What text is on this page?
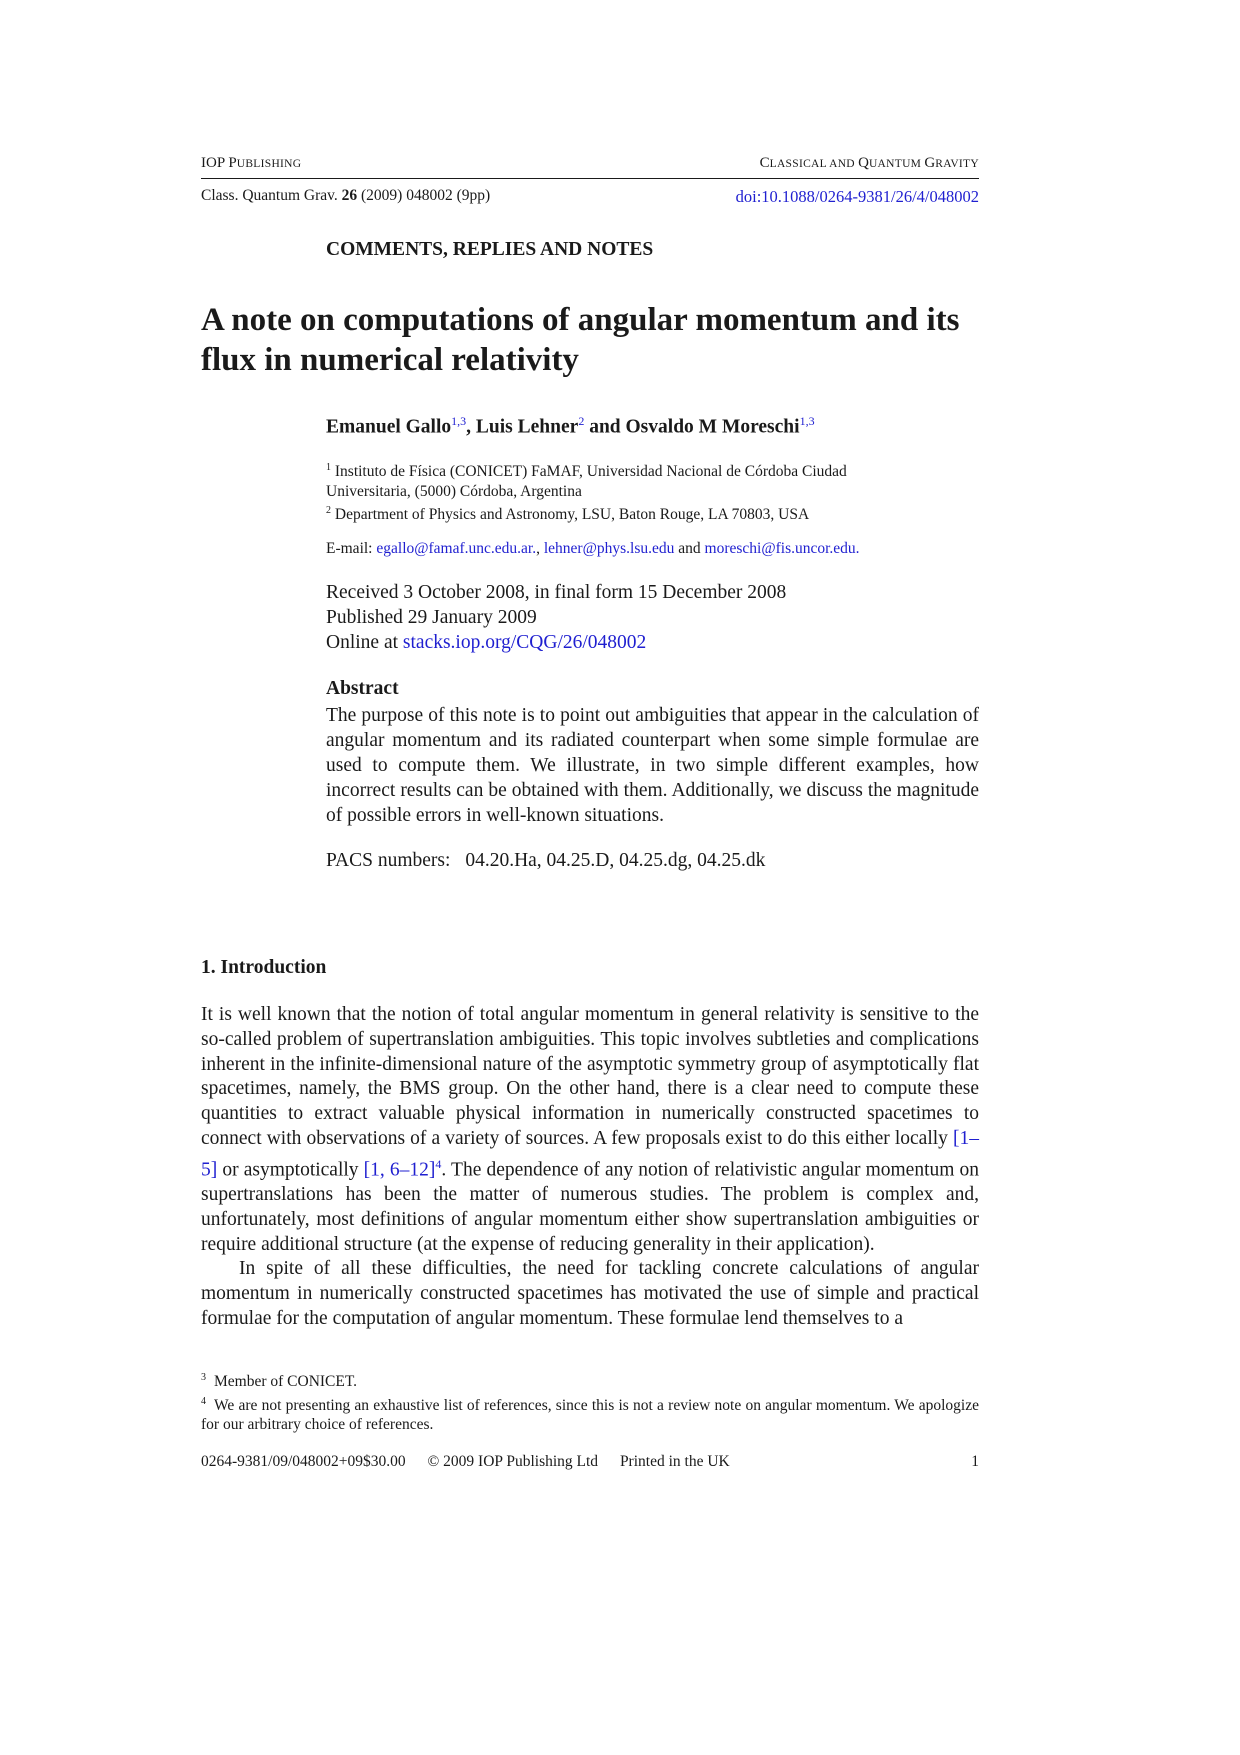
IOP PUBLISHING	CLASSICAL AND QUANTUM GRAVITY
Class. Quantum Grav. 26 (2009) 048002 (9pp)	doi:10.1088/0264-9381/26/4/048002
COMMENTS, REPLIES AND NOTES
A note on computations of angular momentum and its
flux in numerical relativity
Emanuel Gallo$^{1,3}$, Luis Lehner$^2$ and Osvaldo M Moreschi$^{1,3}$
$^1$ Instituto de Física (CONICET) FaMAF, Universidad Nacional de Córdoba Ciudad
Universitaria, (5000) Córdoba, Argentina
$^2$ Department of Physics and Astronomy, LSU, Baton Rouge, LA 70803, USA
E-mail: egallo@famaf.unc.edu.ar., lehner@phys.lsu.edu and moreschi@fis.uncor.edu.
Received 3 October 2008, in final form 15 December 2008
Published 29 January 2009
Online at stacks.iop.org/CQG/26/048002
Abstract

The purpose of this note is to point out ambiguities that appear in the calculation of angular momentum and its radiated counterpart when some simple formulae are used to compute them. We illustrate, in two simple different examples, how incorrect results can be obtained with them. Additionally, we discuss the magnitude of possible errors in well-known situations.

PACS numbers: 04.20.Ha, 04.25.D, 04.25.dg, 04.25.dk
1. Introduction

It is well known that the notion of total angular momentum in general relativity is sensitive to the so-called problem of supertranslation ambiguities. This topic involves subtleties and complications inherent in the infinite-dimensional nature of the asymptotic symmetry group of asymptotically flat spacetimes, namely, the BMS group. On the other hand, there is a clear need to compute these quantities to extract valuable physical information in numerically constructed spacetimes to connect with observations of a variety of sources. A few proposals exist to do this either locally [1–5] or asymptotically [1, 6–12]$^4$. The dependence of any notion of relativistic angular momentum on supertranslations has been the matter of numerous studies. The problem is complex and, unfortunately, most definitions of angular momentum either show supertranslation ambiguities or require additional structure (at the expense of reducing generality in their application).

In spite of all these difficulties, the need for tackling concrete calculations of angular momentum in numerically constructed spacetimes has motivated the use of simple and practical formulae for the computation of angular momentum. These formulae lend themselves to a

$^3$ Member of CONICET.

$^4$ We are not presenting an exhaustive list of references, since this is not a review note on angular momentum. We apologize for our arbitrary choice of references.

0264-9381/09/048002+09$30.00 © 2009 IOP Publishing Ltd Printed in the UK	1
